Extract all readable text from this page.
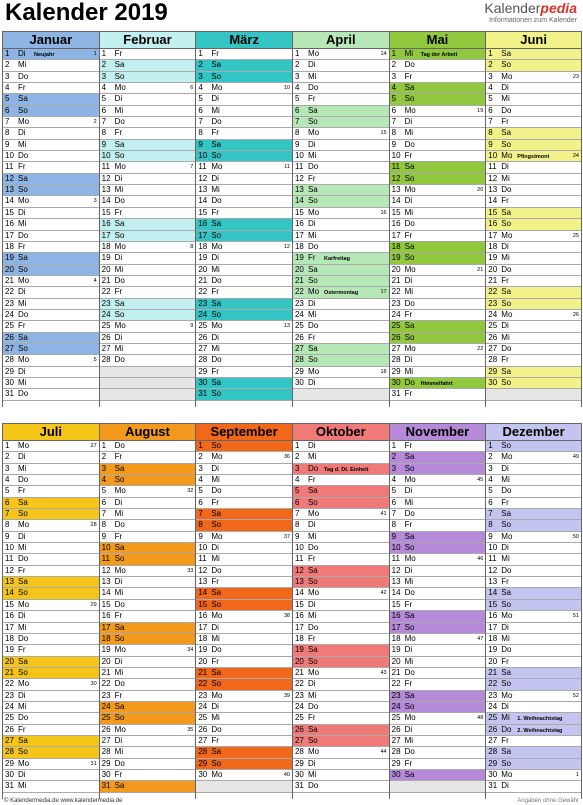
Kalender 2019	Kalenderpedia
Informationen zum Kalender
Januar
1 Di Neujahr	1
2 Mi
3 Do
4 Fr
5 Sa
6 So
7 Mo	2
8 Di
9 Mi
10 Do
11 Fr
12 Sa
13 So
14 Mo	3
15 Di
16 Mi
17 Do
18 Fr
19 Sa
20 So
21 Mo	4
22 Di
23 Mi
24 Do
25 Fr
26 Sa
27 So
28 Mo	5
29 Di
30 Mi
31 Do
Februar
1 Fr
2 Sa
3 So
4 Mo	6
5 Di
6 Mi
7 Do
8 Fr
9 Sa
10 So
11 Mo	7
12 Di
13 Mi
14 Do
15 Fr
16 Sa
17 So
18 Mo	8
19 Di
20 Mi
21 Do
22 Fr
23 Sa
24 So
25 Mo	9
26 Di
27 Mi
28 Do
März
1 Fr
2 Sa
3 So
4 Mo	10
5 Di
6 Mi
7 Do
8 Fr
9 Sa
10 So
11 Mo	11
12 Di
13 Mi
14 Do
15 Fr
16 Sa
17 So
18 Mo	12
19 Di
20 Mi
21 Do
22 Fr
23 Sa
24 So
25 Mo	13
26 Di
27 Mi
28 Do
29 Fr
30 Sa
31 So
April
1 Mo	14
2 Di
3 Mi
4 Do
5 Fr
6 Sa
7 So
8 Mo	15
9 Di
10 Mi
11 Do
12 Fr
13 Sa
14 So
15 Mo	16
16 Di
17 Mi
18 Do
19 Fr Karfreitag
20 Sa
21 So
22 Mo Ostermontag	17
23 Di
24 Mi
25 Do
26 Fr
27 Sa
28 So
29 Mo	18
30 Di
Mai
1 Mi Tag der Arbeit
2 Do
3 Fr
4 Sa
5 So
6 Mo	19
7 Di
8 Mi
9 Do
10 Fr
11 Sa
12 So
13 Mo	20
14 Di
15 Mi
16 Do
17 Fr
18 Sa
19 So
20 Mo	21
21 Di
22 Mi
23 Do
24 Fr
25 Sa
26 So
27 Mo	22
28 Di
29 Mi
30 Do Himmelfahrt
31 Fr
Juni
1 Sa
2 So
3 Mo	23
4 Di
5 Mi
6 Do
7 Fr
8 Sa
9 So
10 Mo Pfingstmont	24
11 Di
12 Mi
13 Do
14 Fr
15 Sa
16 So
17 Mo	25
18 Di
19 Mi
20 Do
21 Fr
22 Sa
23 So
24 Mo	26
25 Di
26 Mi
27 Do
28 Fr
29 Sa
30 So
Juli
1 Mo	27
2 Di
3 Mi
4 Do
5 Fr
6 Sa
7 So
8 Mo	28
9 Di
10 Mi
11 Do
12 Fr
13 Sa
14 So
15 Mo	29
16 Di
17 Mi
18 Do
19 Fr
20 Sa
21 So
22 Mo	30
23 Di
24 Mi
25 Do
26 Fr
27 Sa
28 So
29 Mo	31
30 Di
31 Mi
August
1 Do
2 Fr
3 Sa
4 So
5 Mo	32
6 Di
7 Mi
8 Do
9 Fr
10 Sa
11 So
12 Mo	33
13 Di
14 Mi
15 Do
16 Fr
17 Sa
18 So
19 Mo	34
20 Di
21 Mi
22 Do
23 Fr
24 Sa
25 So
26 Mo	35
27 Di
28 Mi
29 Do
30 Fr
31 Sa
September
1 So
2 Mo	36
3 Di
4 Mi
5 Do
6 Fr
7 Sa
8 So
9 Mo	37
10 Di
11 Mi
12 Do
13 Fr
14 Sa
15 So
16 Mo	38
17 Di
18 Mi
19 Do
20 Fr
21 Sa
22 So
23 Mo	39
24 Di
25 Mi
26 Do
27 Fr
28 Sa
29 So
30 Mo	40
Oktober
1 Di
2 Mi
3 Do Tag d. Dt. Einheit
4 Fr
5 Sa
6 So
7 Mo	41
8 Di
9 Mi
10 Do
11 Fr
12 Sa
13 So
14 Mo	42
15 Di
16 Mi
17 Do
18 Fr
19 Sa
20 So
21 Mo	43
22 Di
23 Mi
24 Do
25 Fr
26 Sa
27 So
28 Mo	44
29 Di
30 Mi
31 Do
November
1 Fr
2 Sa
3 So
4 Mo	45
5 Di
6 Mi
7 Do
8 Fr
9 Sa
10 So
11 Mo	46
12 Di
13 Mi
14 Do
15 Fr
16 Sa
17 So
18 Mo	47
19 Di
20 Mi
21 Do
22 Fr
23 Sa
24 So
25 Mo	48
26 Di
27 Mi
28 Do
29 Fr
30 Sa
Dezember
1 So
2 Mo	49
3 Di
4 Mi
5 Do
6 Fr
7 Sa
8 So
9 Mo	50
10 Di
11 Mi
12 Do
13 Fr
14 Sa
15 So
16 Mo	51
17 Di
18 Mi
19 Do
20 Fr
21 Sa
22 So
23 Mo	52
24 Di
25 Mi 1. Weihnachtstag
26 Do 2. Weihnachtstag
27 Fr
28 Sa
29 So
30 Mo	1
31 Di
© Kalendermedia.de www.kalendermedia.de	Angaben ohne Gewähr
